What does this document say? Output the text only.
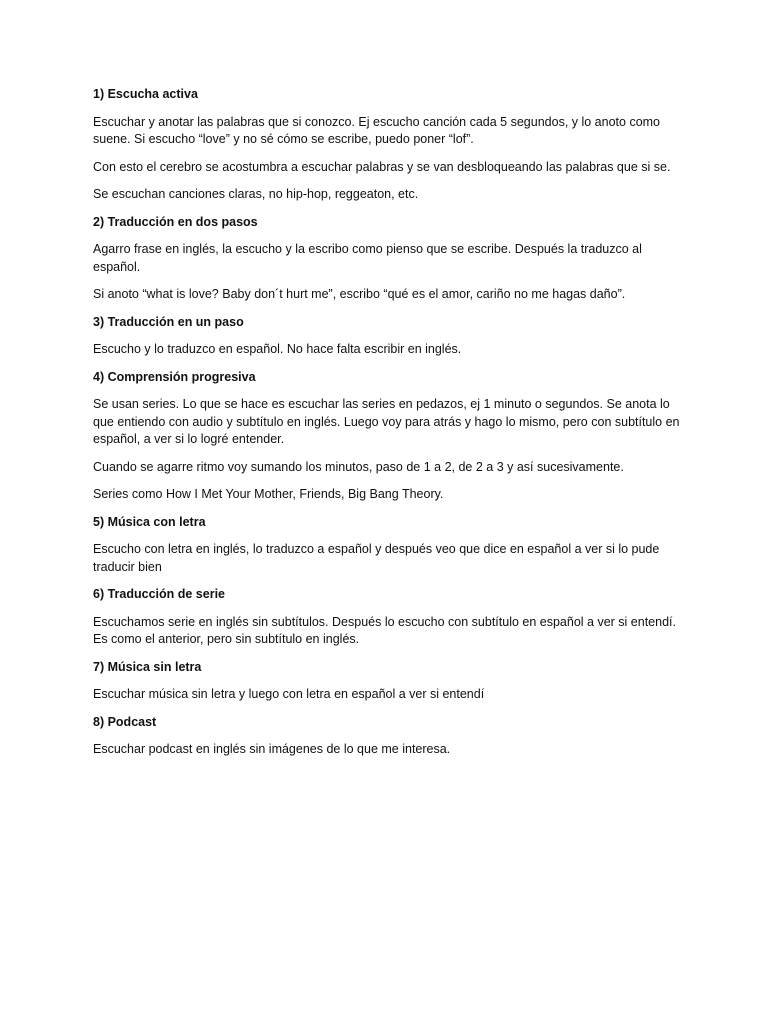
1) Escucha activa

Escuchar y anotar las palabras que si conozco. Ej escucho canción cada 5 segundos, y lo anoto como suene. Si escucho “love” y no sé cómo se escribe, puedo poner “lof”.

Con esto el cerebro se acostumbra a escuchar palabras y se van desbloqueando las palabras que si se.

Se escuchan canciones claras, no hip-hop, reggeaton, etc.

2) Traducción en dos pasos

Agarro frase en inglés, la escucho y la escribo como pienso que se escribe. Después la traduzco al español.

Si anoto “what is love? Baby don´t hurt me”, escribo “qué es el amor, cariño no me hagas daño”.

3) Traducción en un paso

Escucho y lo traduzco en español. No hace falta escribir en inglés.

4) Comprensión progresiva

Se usan series. Lo que se hace es escuchar las series en pedazos, ej 1 minuto o segundos. Se anota lo que entiendo con audio y subtítulo en inglés. Luego voy para atrás y hago lo mismo, pero con subtítulo en español, a ver si lo logré entender.

Cuando se agarre ritmo voy sumando los minutos, paso de 1 a 2, de 2 a 3 y así sucesivamente.

Series como How I Met Your Mother, Friends, Big Bang Theory.

5) Música con letra

Escucho con letra en inglés, lo traduzco a español y después veo que dice en español a ver si lo pude traducir bien

6) Traducción de serie

Escuchamos serie en inglés sin subtítulos. Después lo escucho con subtítulo en español a ver si entendí. Es como el anterior, pero sin subtítulo en inglés.

7) Música sin letra

Escuchar música sin letra y luego con letra en español a ver si entendí

8) Podcast

Escuchar podcast en inglés sin imágenes de lo que me interesa.
